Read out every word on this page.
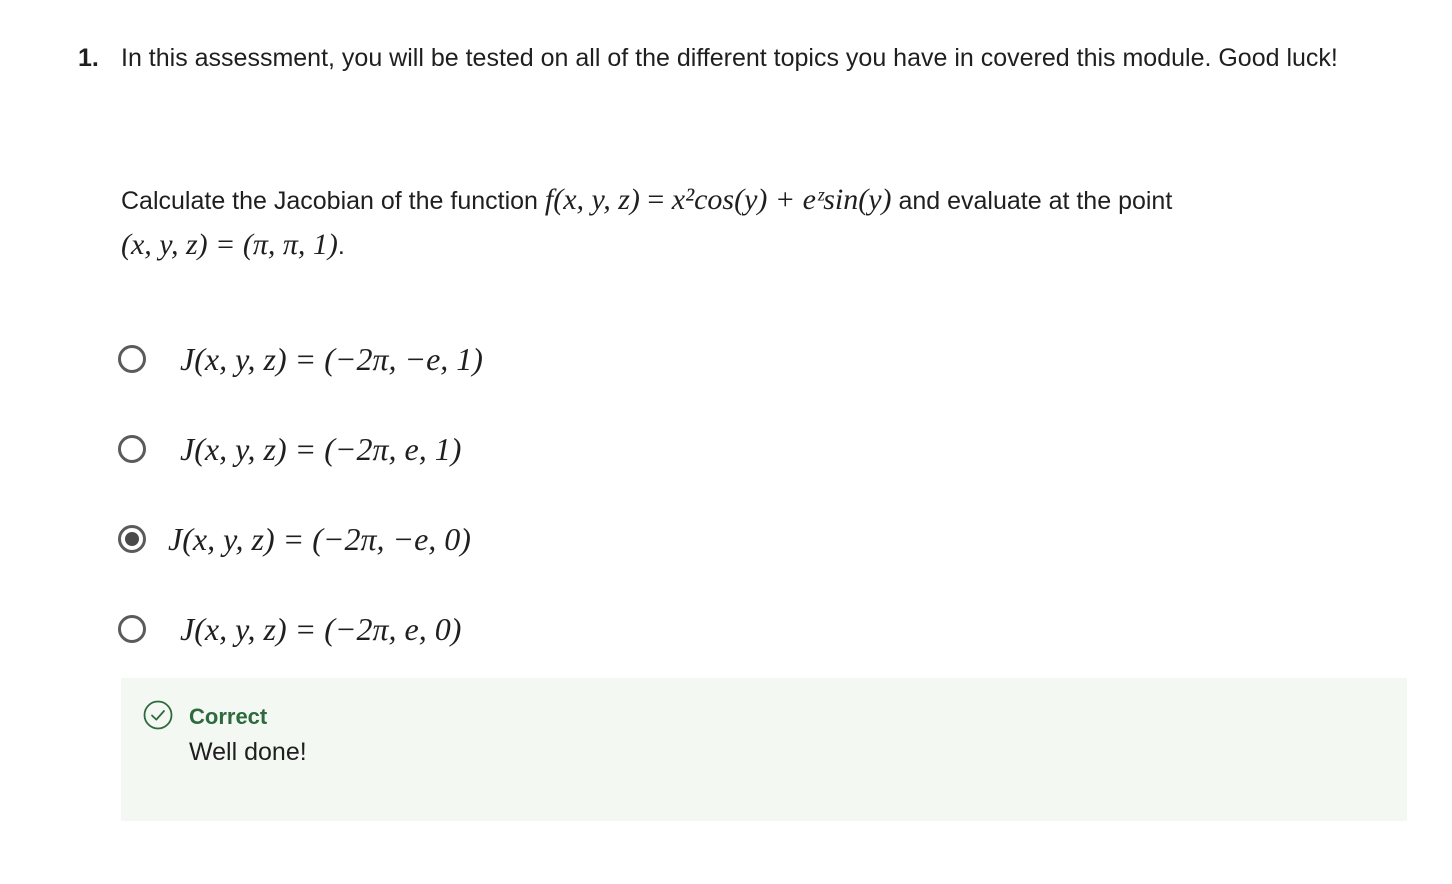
1. In this assessment, you will be tested on all of the different topics you have in covered this module. Good luck!
Calculate the Jacobian of the function f(x, y, z) = x²cos(y) + eᶻsin(y) and evaluate at the point
(x, y, z) = (π, π, 1).
J(x, y, z) = (−2π, −e, 1)
J(x, y, z) = (−2π, e, 1)
J(x, y, z) = (−2π, −e, 0)
J(x, y, z) = (−2π, e, 0)
Correct
Well done!
